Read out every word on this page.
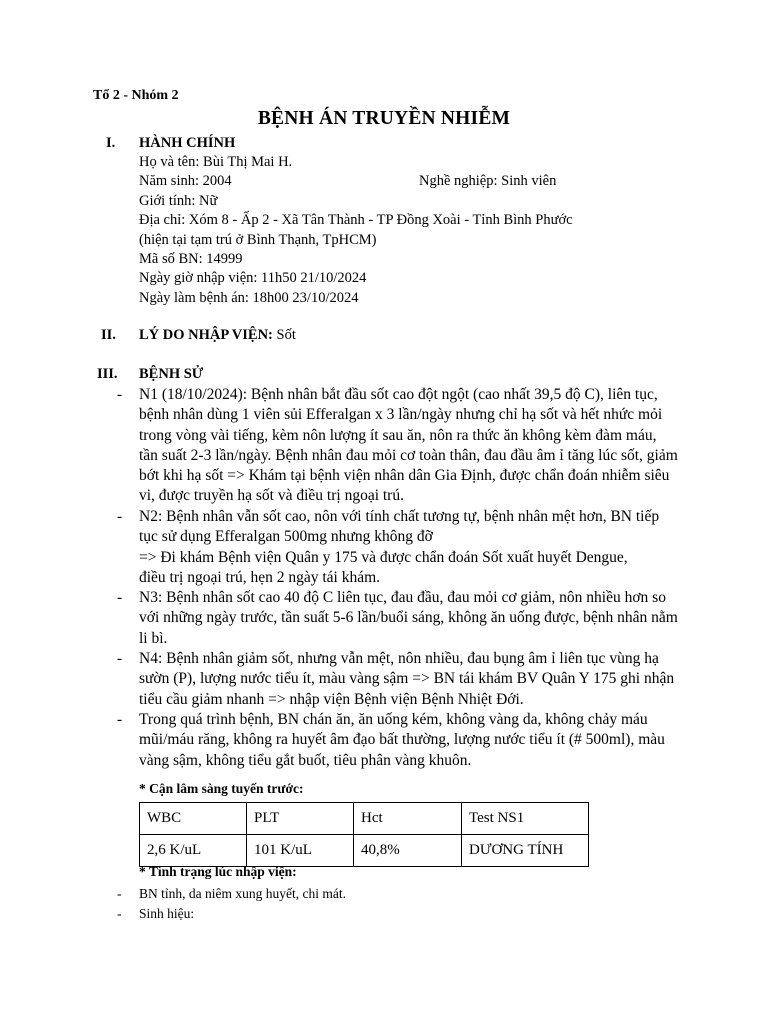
Tổ 2 - Nhóm 2
BỆNH ÁN TRUYỀN NHIỄM
I. HÀNH CHÍNH
Họ và tên: Bùi Thị Mai H.
Năm sinh: 2004	Nghề nghiệp: Sinh viên
Giới tính: Nữ
Địa chỉ: Xóm 8 - Ấp 2 - Xã Tân Thành - TP Đồng Xoài - Tỉnh Bình Phước
(hiện tại tạm trú ở Bình Thạnh, TpHCM)
Mã số BN: 14999
Ngày giờ nhập viện: 11h50 21/10/2024
Ngày làm bệnh án: 18h00 23/10/2024
II. LÝ DO NHẬP VIỆN: Sốt
III. BỆNH SỬ
- N1 (18/10/2024): Bệnh nhân bắt đầu sốt cao đột ngột (cao nhất 39,5 độ C), liên tục, bệnh nhân dùng 1 viên sủi Efferalgan x 3 lần/ngày nhưng chỉ hạ sốt và hết nhức mỏi trong vòng vài tiếng, kèm nôn lượng ít sau ăn, nôn ra thức ăn không kèm đàm máu, tần suất 2-3 lần/ngày. Bệnh nhân đau mỏi cơ toàn thân, đau đầu âm ỉ tăng lúc sốt, giảm bớt khi hạ sốt => Khám tại bệnh viện nhân dân Gia Định, được chẩn đoán nhiễm siêu vi, được truyền hạ sốt và điều trị ngoại trú.
- N2: Bệnh nhân vẫn sốt cao, nôn với tính chất tương tự, bệnh nhân mệt hơn, BN tiếp tục sử dụng Efferalgan 500mg nhưng không đỡ
=> Đi khám Bệnh viện Quân y 175 và được chẩn đoán Sốt xuất huyết Dengue,
điều trị ngoại trú, hẹn 2 ngày tái khám.
- N3: Bệnh nhân sốt cao 40 độ C liên tục, đau đầu, đau mỏi cơ giảm, nôn nhiều hơn so với những ngày trước, tần suất 5-6 lần/buổi sáng, không ăn uống được, bệnh nhân nằm li bì.
- N4: Bệnh nhân giảm sốt, nhưng vẫn mệt, nôn nhiều, đau bụng âm ỉ liên tục vùng hạ sườn (P), lượng nước tiểu ít, màu vàng sậm => BN tái khám BV Quân Y 175 ghi nhận tiểu cầu giảm nhanh => nhập viện Bệnh viện Bệnh Nhiệt Đới.
- Trong quá trình bệnh, BN chán ăn, ăn uống kém, không vàng da, không chảy máu mũi/máu răng, không ra huyết âm đạo bất thường, lượng nước tiểu ít (# 500ml), màu vàng sậm, không tiểu gắt buốt, tiêu phân vàng khuôn.
* Cận lâm sàng tuyến trước:
WBC	PLT	Hct	Test NS1
2,6 K/uL	101 K/uL	40,8%	DƯƠNG TÍNH
* Tình trạng lúc nhập viện:
- BN tỉnh, da niêm xung huyết, chi mát.
- Sinh hiệu:
